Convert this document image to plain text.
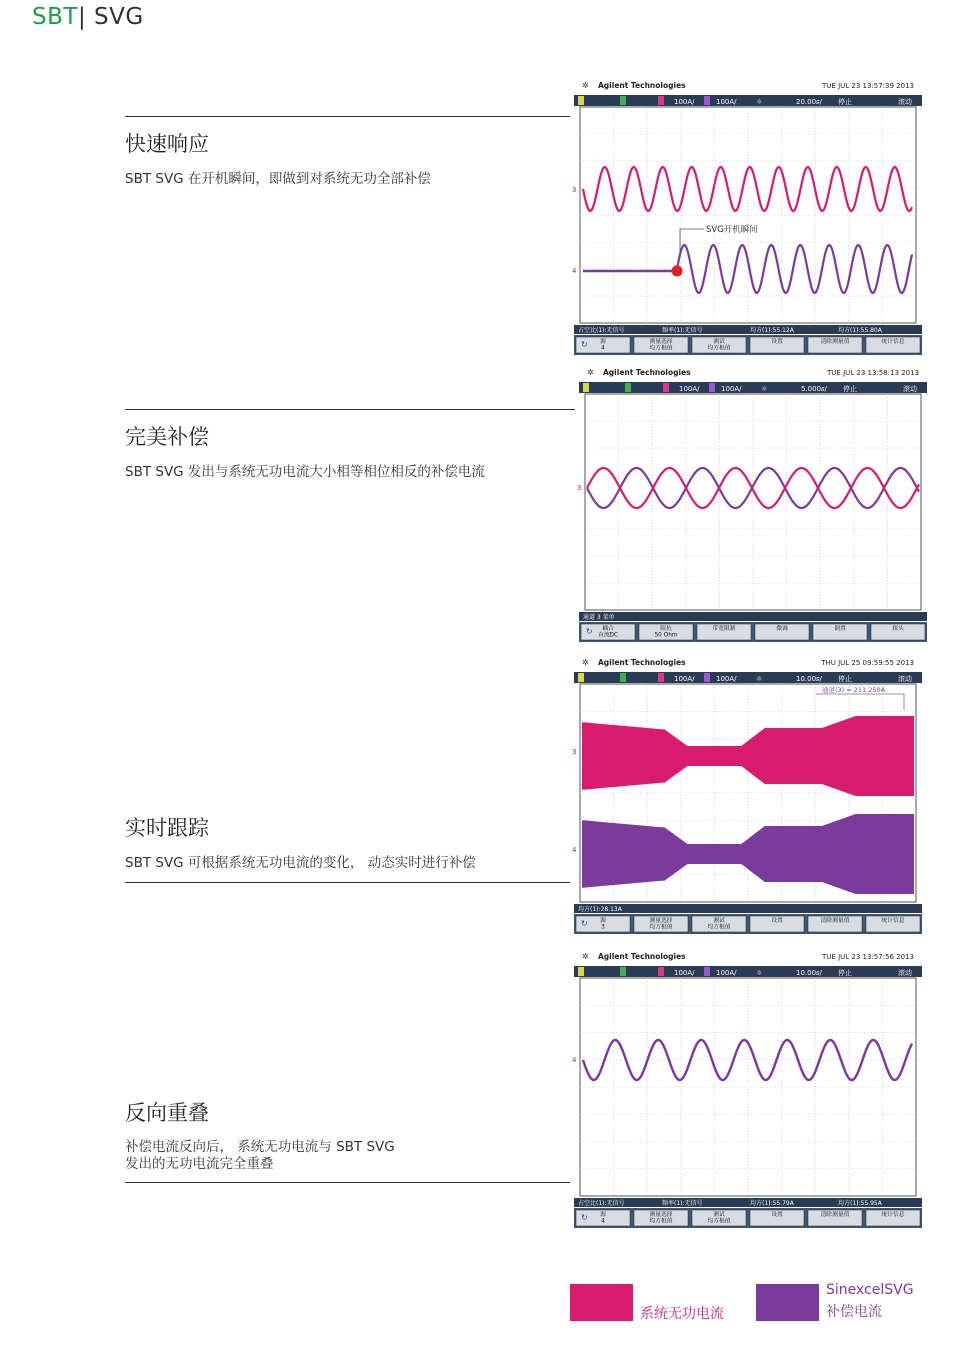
SBT| SVG
快速响应
SBT SVG 在开机瞬间，即做到对系统无功全部补偿
完美补偿
SBT SVG 发出与系统无功电流大小相等相位相反的补偿电流
实时跟踪
SBT SVG 可根据系统无功电流的变化， 动态实时进行补偿
反向重叠
补偿电流反向后， 系统无功电流与 SBT SVG
发出的无功电流完全重叠
✲ Agilent Technologies	TUE JUL 23 13:57:39 2013
100A/	100A/	☼	20.00𝑠/ 停止	滚动
3
4
SVG开机瞬间
占空比(1):无信号	频率(1):无信号	均方(1):55.12A	均方(1):55.80A
源
4
↻	测量选择
均方根值
测试
均方根值
设置	清除测量值	统计信息
✲ Agilent Technologies	TUE JUL 23 13:58:13 2013
100A/	100A/	☼	5.000𝑠/ 停止	滚动
3
通道 3 菜单
耦合
直流DC
↻	阻抗
50 Ohm
带宽限制	微调	倒置	探头
✲ Agilent Technologies	THU JUL 25 09:59:55 2013
100A/	100A/	☼	10.00𝑠/ 停止	滚动
3
4
通道(3) = 211.250A
均方(1):28.13A
源
3
↻	测量选择
均方根值
测试
均方根值
设置	清除测量值	统计信息
✲ Agilent Technologies	TUE JUL 23 13:57:56 2013
100A/	100A/	☼	10.00𝑠/ 停止	滚动
4
占空比(1):无信号	频率(1):无信号	均方(1):55.79A	均方(1):55.95A
源
4
↻	测量选择
均方根值
测试
均方根值
设置	清除测量值	统计信息
系统无功电流
SinexcelSVG
补偿电流
